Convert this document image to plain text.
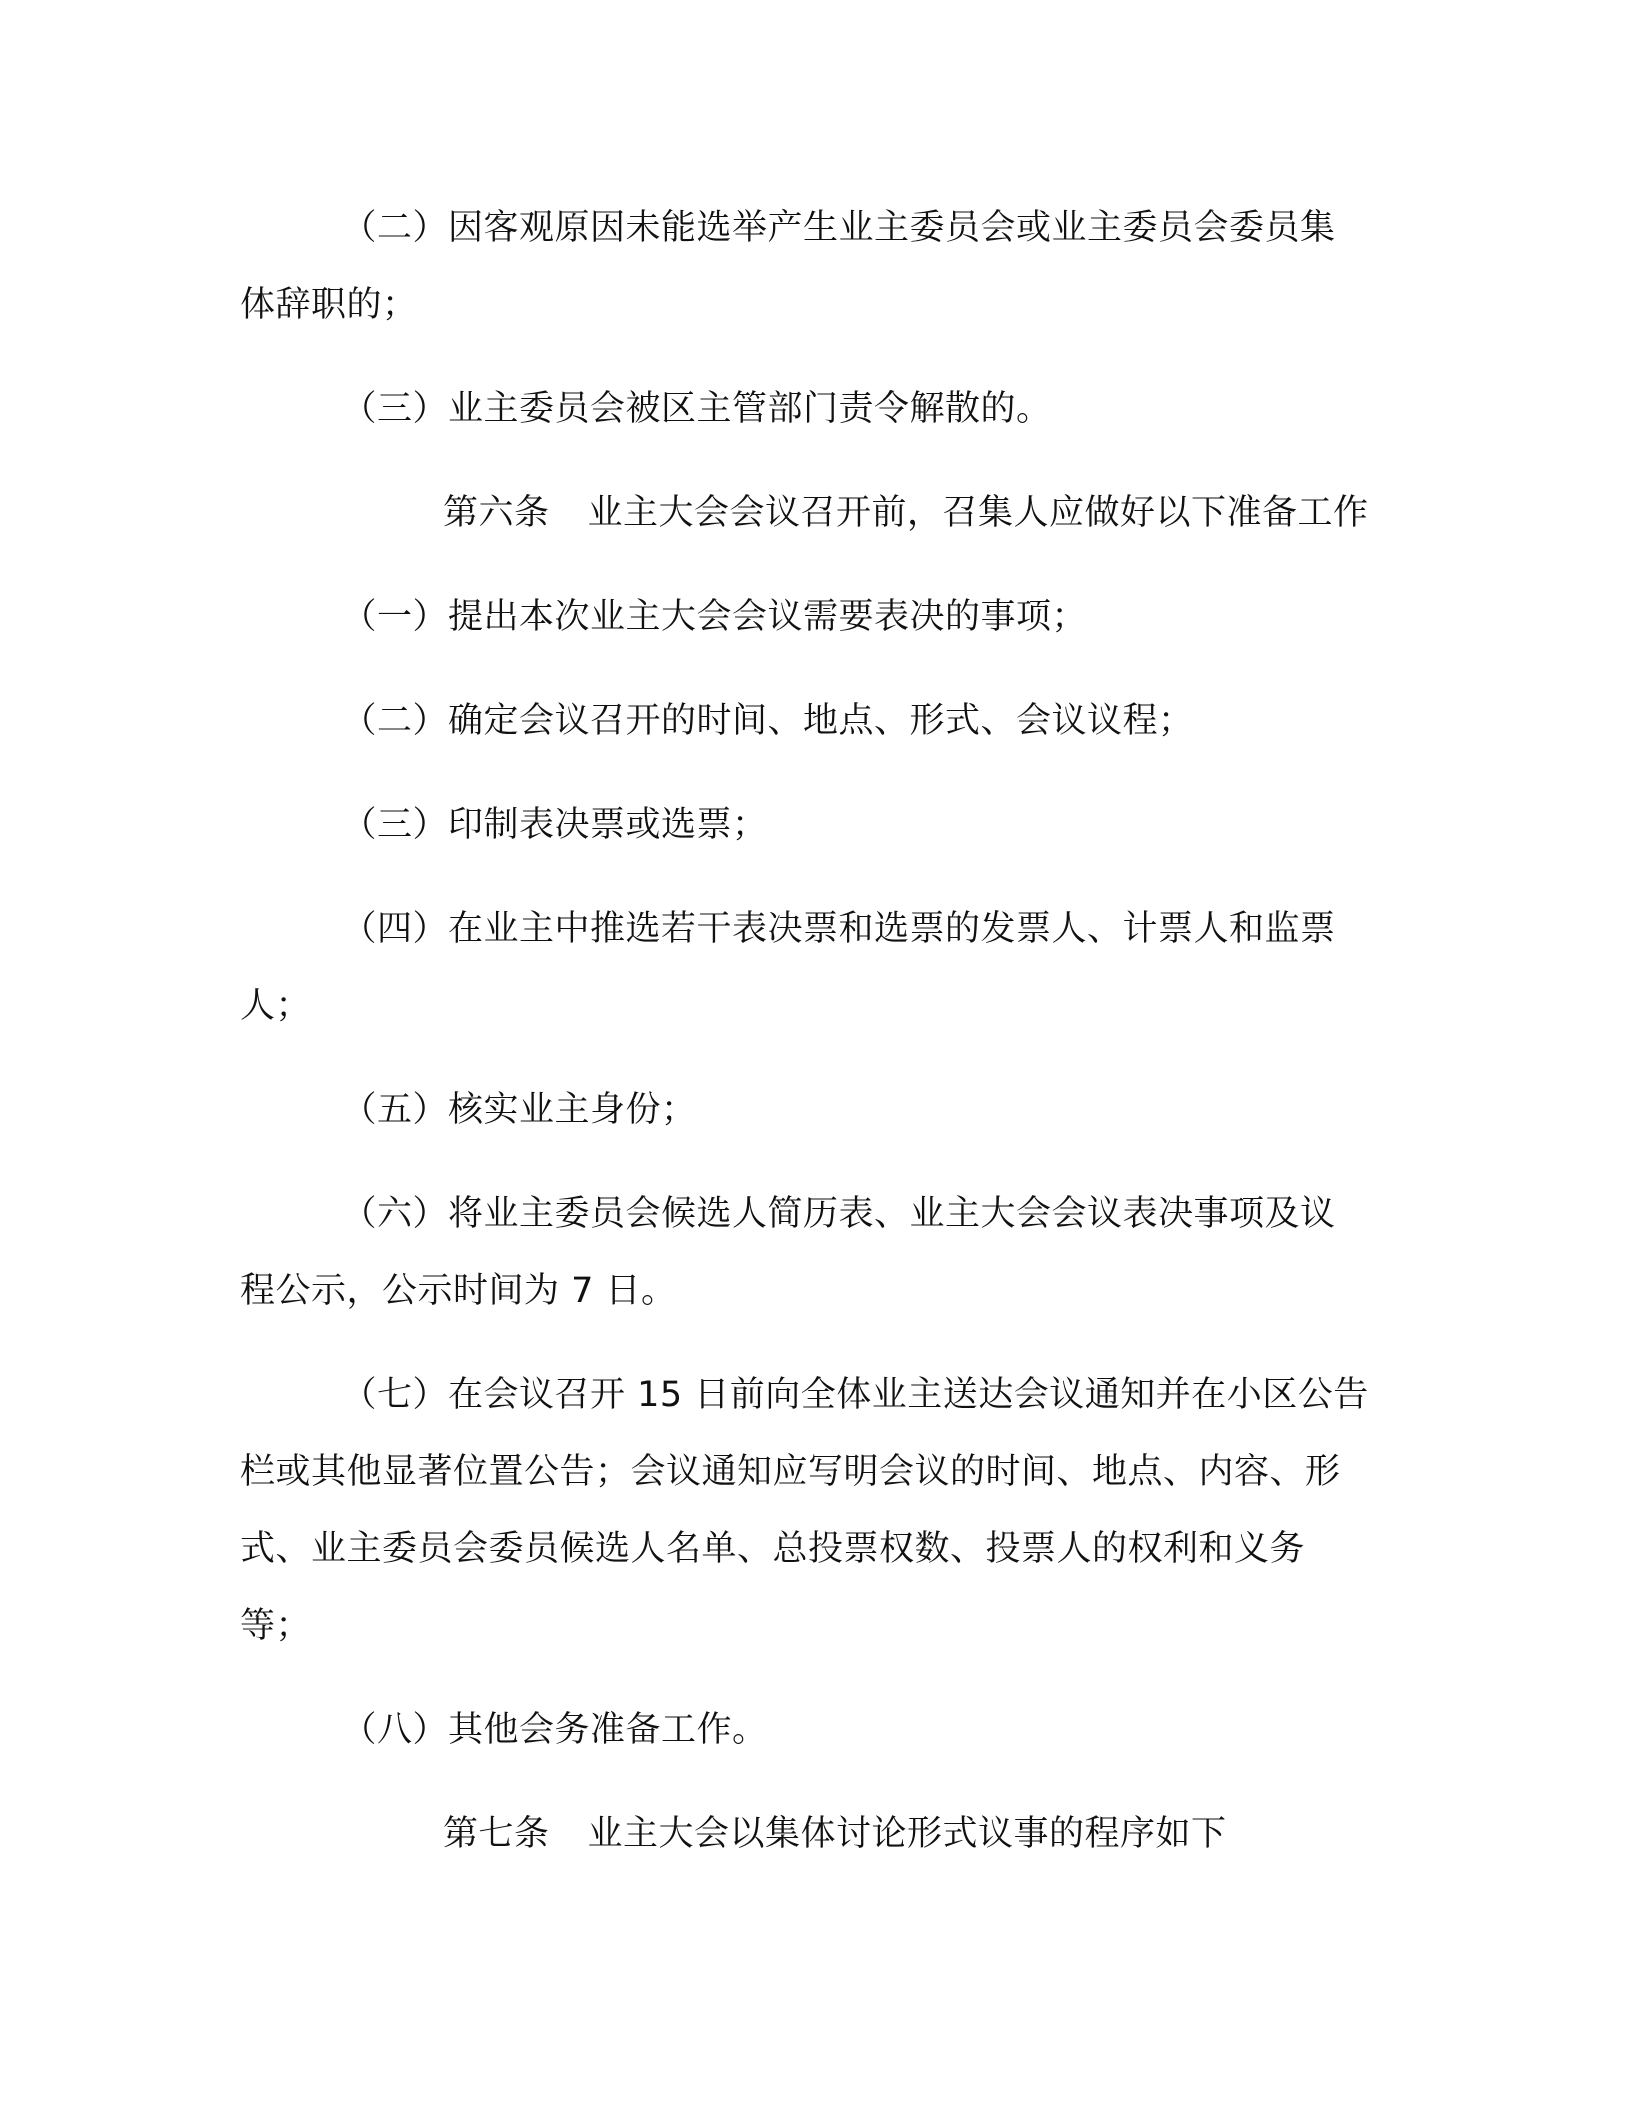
（二）因客观原因未能选举产生业主委员会或业主委员会委员集体辞职的；

（三）业主委员会被区主管部门责令解散的。

第六条 业主大会会议召开前，召集人应做好以下准备工作

（一）提出本次业主大会会议需要表决的事项；

（二）确定会议召开的时间、地点、形式、会议议程；

（三）印制表决票或选票；

（四）在业主中推选若干表决票和选票的发票人、计票人和监票人；

（五）核实业主身份；

（六）将业主委员会候选人简历表、业主大会会议表决事项及议程公示，公示时间为 7 日。

（七）在会议召开 15 日前向全体业主送达会议通知并在小区公告栏或其他显著位置公告；会议通知应写明会议的时间、地点、内容、形式、业主委员会委员候选人名单、总投票权数、投票人的权利和义务等；

（八）其他会务准备工作。

第七条 业主大会以集体讨论形式议事的程序如下
